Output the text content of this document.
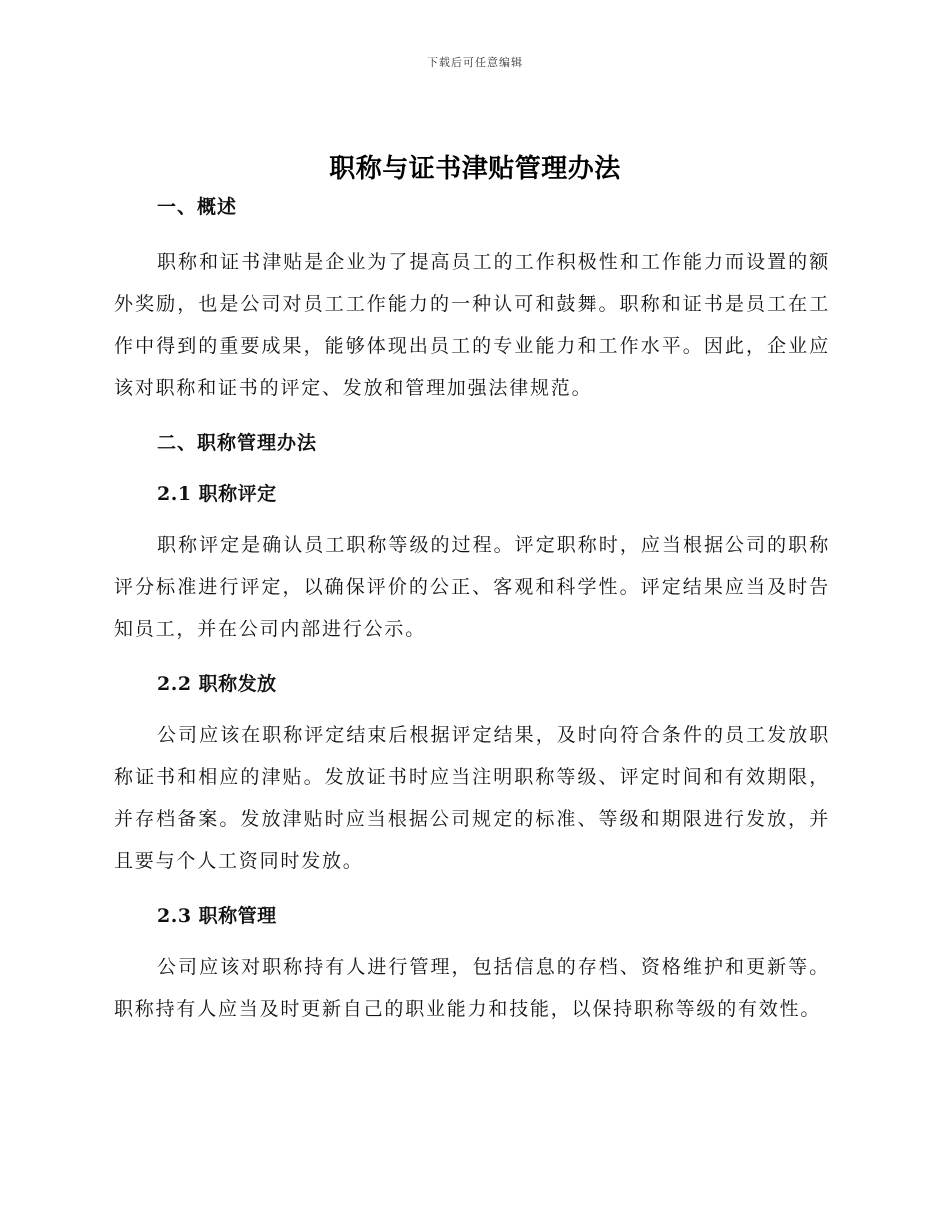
下载后可任意编辑
职称与证书津贴管理办法

一、概述

职称和证书津贴是企业为了提高员工的工作积极性和工作能力而设置的额外奖励，也是公司对员工工作能力的一种认可和鼓舞。职称和证书是员工在工作中得到的重要成果，能够体现出员工的专业能力和工作水平。因此，企业应该对职称和证书的评定、发放和管理加强法律规范。

二、职称管理办法

2.1 职称评定

职称评定是确认员工职称等级的过程。评定职称时，应当根据公司的职称评分标准进行评定，以确保评价的公正、客观和科学性。评定结果应当及时告知员工，并在公司内部进行公示。

2.2 职称发放

公司应该在职称评定结束后根据评定结果，及时向符合条件的员工发放职称证书和相应的津贴。发放证书时应当注明职称等级、评定时间和有效期限，并存档备案。发放津贴时应当根据公司规定的标准、等级和期限进行发放，并且要与个人工资同时发放。

2.3 职称管理

公司应该对职称持有人进行管理，包括信息的存档、资格维护和更新等。职称持有人应当及时更新自己的职业能力和技能，以保持职称等级的有效性。
